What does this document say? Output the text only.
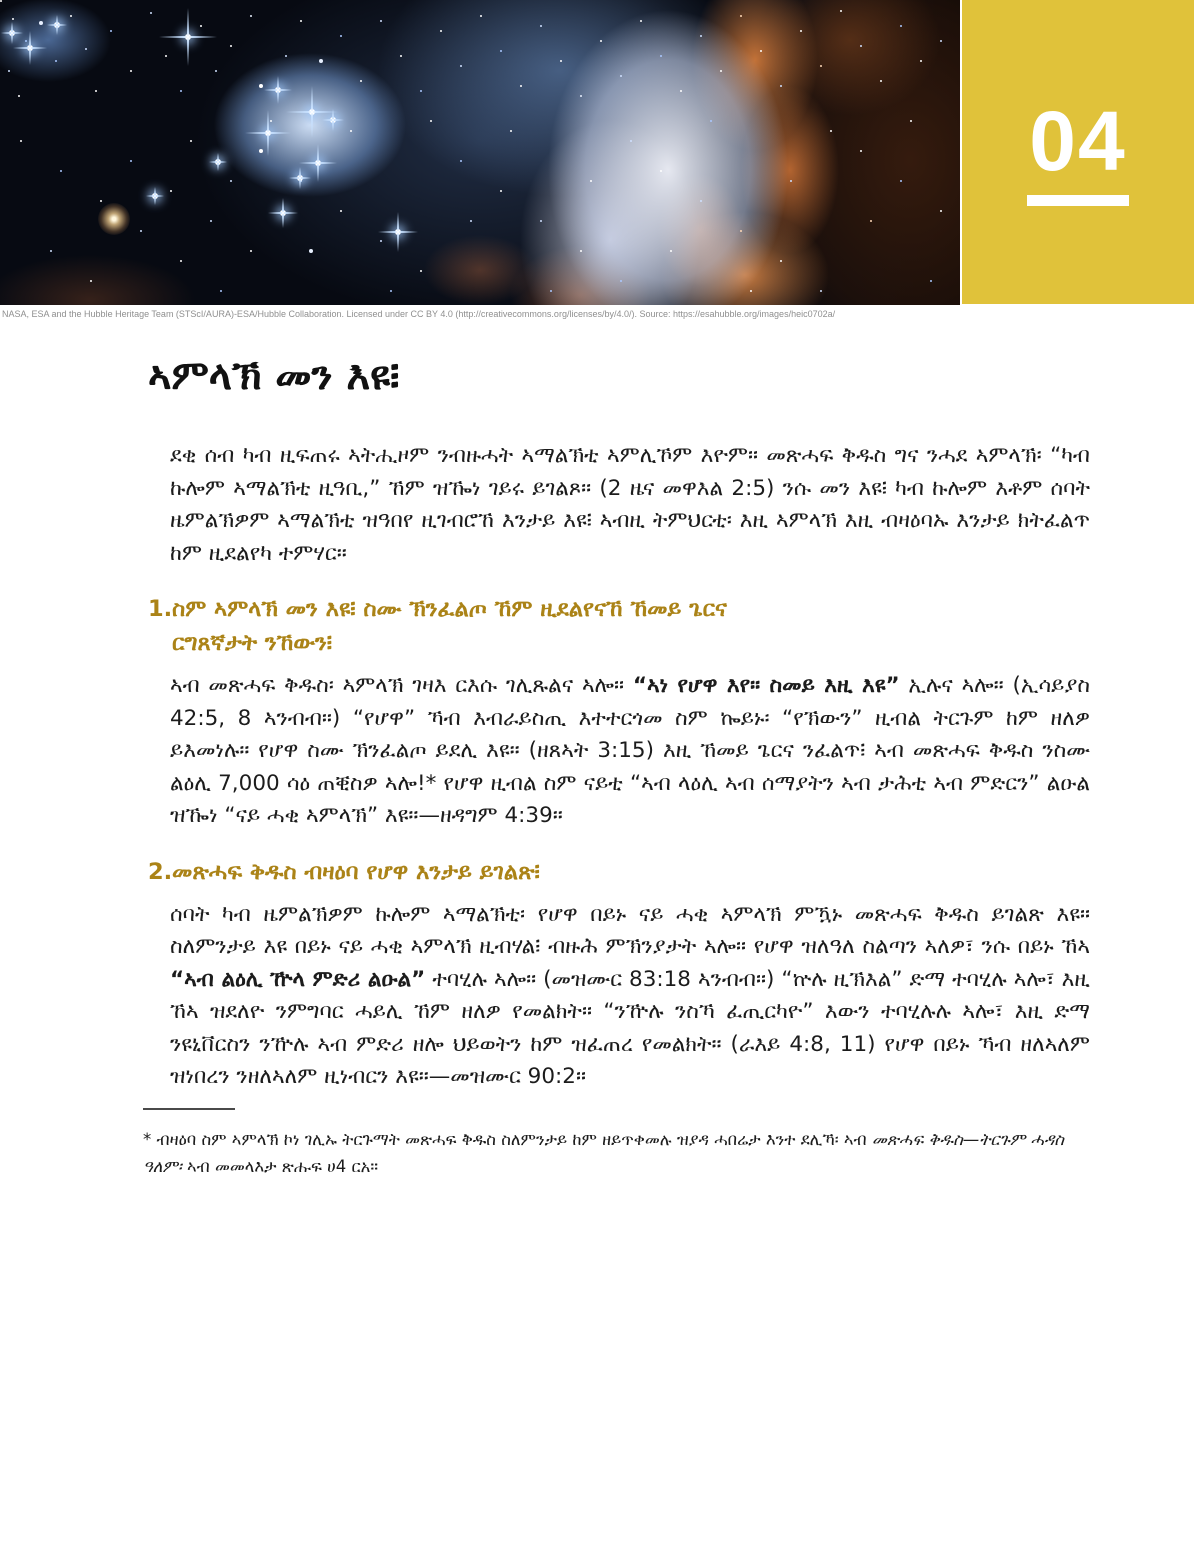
04
NASA, ESA and the Hubble Heritage Team (STScI/AURA)-ESA/Hubble Collaboration. Licensed under CC BY 4.0 (http://creativecommons.org/licenses/by/4.0/). Source: https://esahubble.org/images/heic0702a/
ኣምላኽ መን እዩ፧

ደቂ ሰብ ካብ ዚፍጠሩ ኣትሒዞም ንብዙሓት ኣማልኽቲ ኣምሊኾም እዮም። መጽሓፍ ቅዱስ ግና ንሓደ ኣምላኽ፡ “ካብ ኩሎም ኣማልኽቲ ዚዓቢ,” ኸም ዝዀነ ገይሩ ይገልጾ። (2 ዜና መዋእል 2:5) ንሱ መን እዩ፧ ካብ ኩሎም እቶም ሰባት ዜምልኽዎም ኣማልኽቲ ዝዓበየ ዚገብሮኸ እንታይ እዩ፧ ኣብዚ ትምህርቲ፡ እዚ ኣምላኽ እዚ ብዛዕባኡ እንታይ ክትፈልጥ ከም ዚደልየካ ተምሃር።

1. ስም ኣምላኽ መን እዩ፧ ስሙ ኽንፈልጦ ኸም ዚደልየናኸ ኸመይ ጌርና ርግጸኛታት ንኸውን፧

ኣብ መጽሓፍ ቅዱስ፡ ኣምላኽ ገዛእ ርእሱ ገሊጹልና ኣሎ። “ኣነ የሆዋ እየ። ስመይ እዚ እዩ” ኢሉና ኣሎ። (ኢሳይያስ 42:5, 8 ኣንብብ።) “የሆዋ” ኻብ እብራይስጢ እተተርጎመ ስም ኰይኑ፡ “የኽውን” ዚብል ትርጉም ከም ዘለዎ ይእመነሉ። የሆዋ ስሙ ኽንፈልጦ ይደሊ እዩ። (ዘጸኣት 3:15) እዚ ኸመይ ጌርና ንፈልጥ፧ ኣብ መጽሓፍ ቅዱስ ንስሙ ልዕሊ 7,000 ሳዕ ጠቒስዎ ኣሎ!* የሆዋ ዚብል ስም ናይቲ “ኣብ ላዕሊ ኣብ ሰማያትን ኣብ ታሕቲ ኣብ ምድርን” ልዑል ዝዀነ “ናይ ሓቂ ኣምላኽ” እዩ።—ዘዳግም 4:39።

2. መጽሓፍ ቅዱስ ብዛዕባ የሆዋ እንታይ ይገልጽ፧

ሰባት ካብ ዜምልኽዎም ኩሎም ኣማልኽቲ፡ የሆዋ በይኑ ናይ ሓቂ ኣምላኽ ምዃኑ መጽሓፍ ቅዱስ ይገልጽ እዩ። ስለምንታይ እዩ በይኑ ናይ ሓቂ ኣምላኽ ዚብሃል፧ ብዙሕ ምኽንያታት ኣሎ። የሆዋ ዝለዓለ ስልጣን ኣለዎ፣ ንሱ በይኑ ኸኣ “ኣብ ልዕሊ ዅላ ምድሪ ልዑል” ተባሂሉ ኣሎ። (መዝሙር 83:18 ኣንብብ።) “ኵሉ ዚኽእል” ድማ ተባሂሉ ኣሎ፣ እዚ ኸኣ ዝደለዮ ንምግባር ሓይሊ ኸም ዘለዎ የመልክት። “ንዅሉ ንስኻ ፈጢርካዮ” እውን ተባሂሉሉ ኣሎ፣ እዚ ድማ ንዩኒቨርስን ንዅሉ ኣብ ምድሪ ዘሎ ህይወትን ከም ዝፈጠረ የመልክት። (ራእይ 4:8, 11) የሆዋ በይኑ ኻብ ዘለኣለም ዝነበረን ንዘለኣለም ዚነብርን እዩ።—መዝሙር 90:2።

* ብዛዕባ ስም ኣምላኽ ኮነ ገሊኡ ትርጉማት መጽሓፍ ቅዱስ ስለምንታይ ከም ዘይጥቀመሉ ዝያዳ ሓበሬታ እንተ ደሊኻ፡ ኣብ መጽሓፍ ቅዱስ—ትርጉም ሓዳስ ዓለም፡ ኣብ መመላእታ ጽሑፍ ሀ4 ርአ።
